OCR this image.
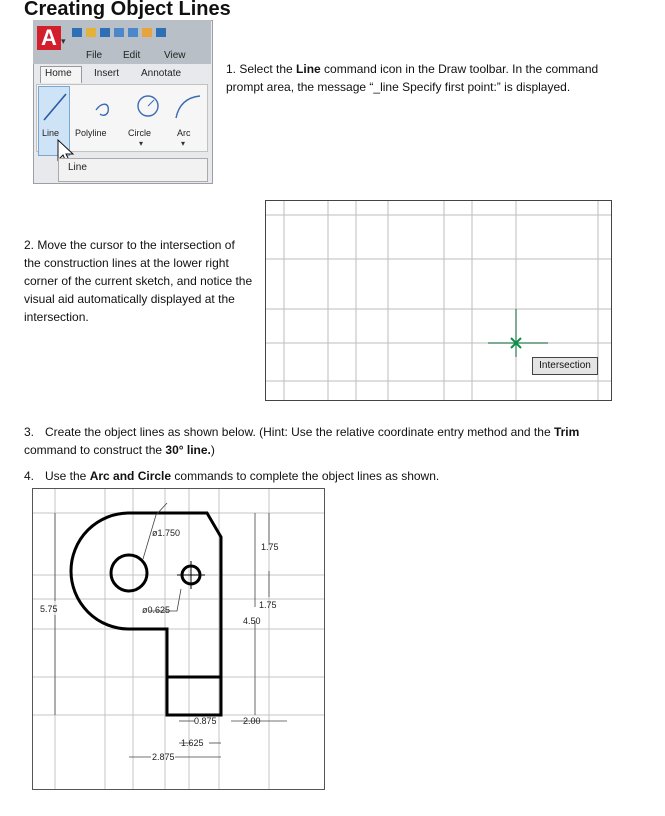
Creating Object Lines
A ▾
File Edit View
Home Insert Annotate
▾	▾
Line Polyline Circle	Arc
Line
1. Select the Line command icon in the Draw toolbar. In the command prompt area, the message “_line Specify first point:” is displayed.
2. Move the cursor to the intersection of the construction lines at the lower right corner of the current sketch, and notice the visual aid automatically displayed at the intersection.
Intersection
3. Create the object lines as shown below. (Hint: Use the relative coordinate entry method and the Trim command to construct the 30° line.)
4. Use the Arc and Circle commands to complete the object lines as shown.
ø1.750
1.75
5.75	ø0.625	1.75
4.50
0.875	2.00
1.625
2.875
